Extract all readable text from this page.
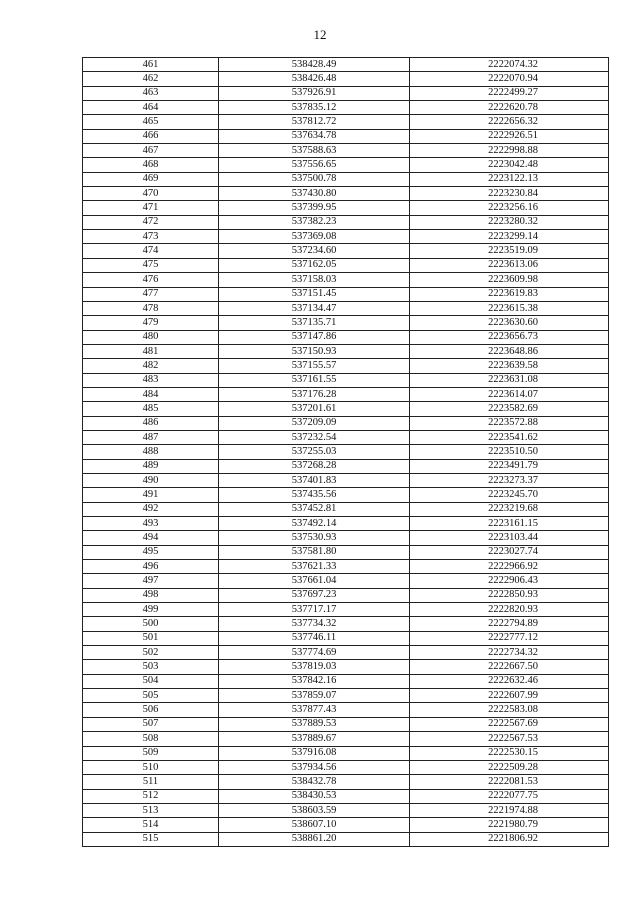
12
461	538428.49	2222074.32
462	538426.48	2222070.94
463	537926.91	2222499.27
464	537835.12	2222620.78
465	537812.72	2222656.32
466	537634.78	2222926.51
467	537588.63	2222998.88
468	537556.65	2223042.48
469	537500.78	2223122.13
470	537430.80	2223230.84
471	537399.95	2223256.16
472	537382.23	2223280.32
473	537369.08	2223299.14
474	537234.60	2223519.09
475	537162.05	2223613.06
476	537158.03	2223609.98
477	537151.45	2223619.83
478	537134.47	2223615.38
479	537135.71	2223630.60
480	537147.86	2223656.73
481	537150.93	2223648.86
482	537155.57	2223639.58
483	537161.55	2223631.08
484	537176.28	2223614.07
485	537201.61	2223582.69
486	537209.09	2223572.88
487	537232.54	2223541.62
488	537255.03	2223510.50
489	537268.28	2223491.79
490	537401.83	2223273.37
491	537435.56	2223245.70
492	537452.81	2223219.68
493	537492.14	2223161.15
494	537530.93	2223103.44
495	537581.80	2223027.74
496	537621.33	2222966.92
497	537661.04	2222906.43
498	537697.23	2222850.93
499	537717.17	2222820.93
500	537734.32	2222794.89
501	537746.11	2222777.12
502	537774.69	2222734.32
503	537819.03	2222667.50
504	537842.16	2222632.46
505	537859.07	2222607.99
506	537877.43	2222583.08
507	537889.53	2222567.69
508	537889.67	2222567.53
509	537916.08	2222530.15
510	537934.56	2222509.28
511	538432.78	2222081.53
512	538430.53	2222077.75
513	538603.59	2221974.88
514	538607.10	2221980.79
515	538861.20	2221806.92
